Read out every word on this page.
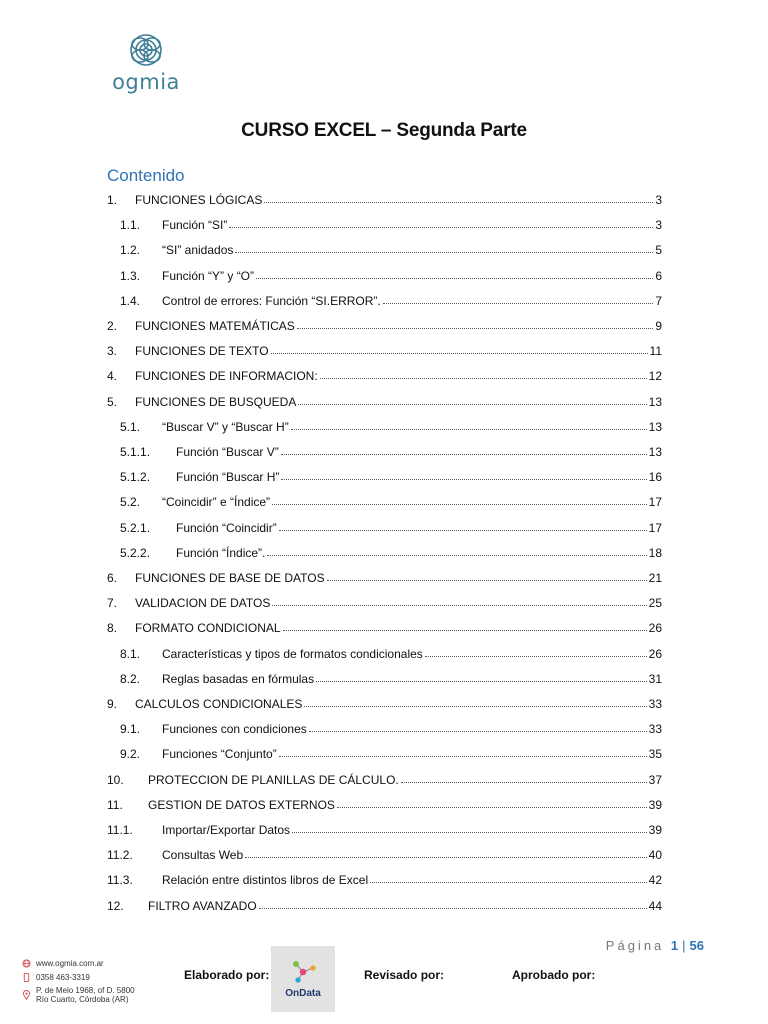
ogmia
CURSO EXCEL – Segunda Parte
Contenido
1.	FUNCIONES LÓGICAS	3
1.1.	Función “SI”	3
1.2.	“SI” anidados	5
1.3.	Función “Y” y “O”	6
1.4.	Control de errores: Función “SI.ERROR”.	7
2.	FUNCIONES MATEMÁTICAS	9
3.	FUNCIONES DE TEXTO	11
4.	FUNCIONES DE INFORMACION:	12
5.	FUNCIONES DE BUSQUEDA	13
5.1.	“Buscar V” y “Buscar H”	13
5.1.1.	Función “Buscar V”	13
5.1.2.	Función “Buscar H”	16
5.2.	“Coincidir” e “Índice”	17
5.2.1.	Función “Coincidir”	17
5.2.2.	Función “Índice”.	18
6.	FUNCIONES DE BASE DE DATOS	21
7.	VALIDACION DE DATOS	25
8.	FORMATO CONDICIONAL	26
8.1.	Características y tipos de formatos condicionales	26
8.2.	Reglas basadas en fórmulas	31
9.	CALCULOS CONDICIONALES	33
9.1.	Funciones con condiciones	33
9.2.	Funciones “Conjunto”	35
10.	PROTECCION DE PLANILLAS DE CÁLCULO.	37
11.	GESTION DE DATOS EXTERNOS	39
11.1.	Importar/Exportar Datos	39
11.2.	Consultas Web	40
11.3.	Relación entre distintos libros de Excel	42
12.	FILTRO AVANZADO	44
Página 1 | 56
www.ogmia.com.ar
0358 463-3319
P. de Melo 1968, of D. 5800
Río Cuarto, Córdoba (AR)
Elaborado por:
OnData
Revisado por:	Aprobado por:
